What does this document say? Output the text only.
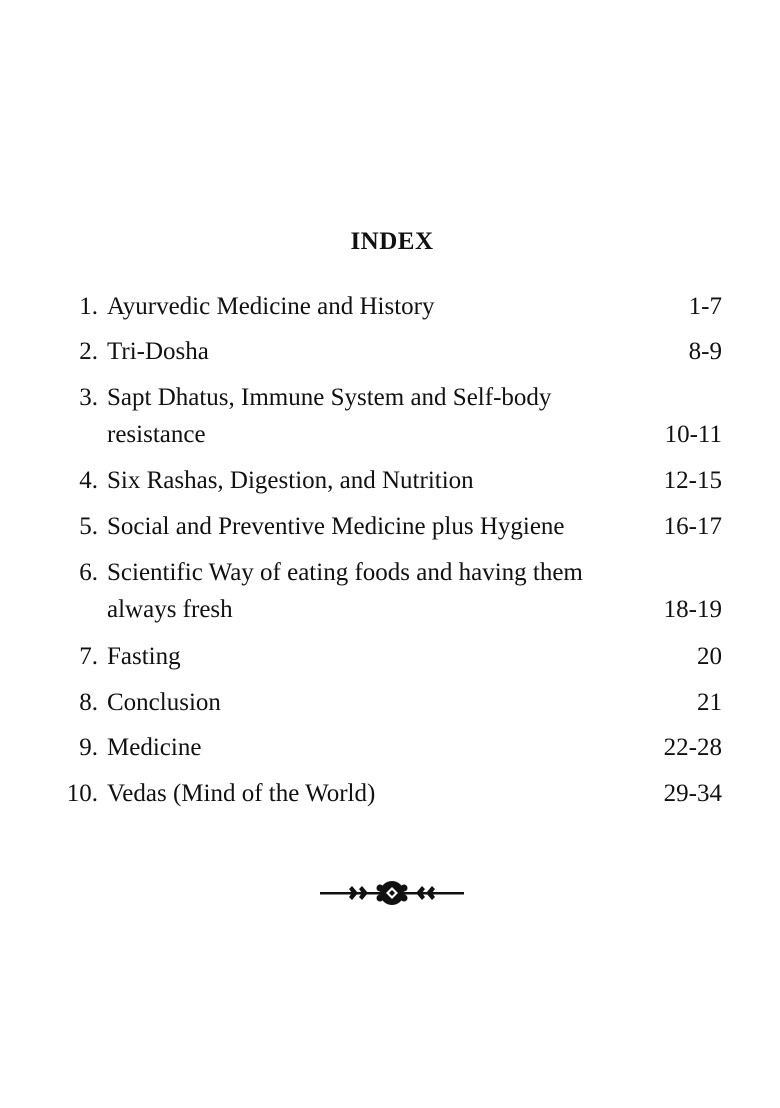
INDEX
1. Ayurvedic Medicine and History	1-7
2. Tri-Dosha	8-9
3. Sapt Dhatus, Immune System and Self-body
resistance	10-11
4. Six Rashas, Digestion, and Nutrition	12-15
5. Social and Preventive Medicine plus Hygiene	16-17
6. Scientific Way of eating foods and having them
always fresh	18-19
7. Fasting	20
8. Conclusion	21
9. Medicine	22-28
10. Vedas (Mind of the World)	29-34
